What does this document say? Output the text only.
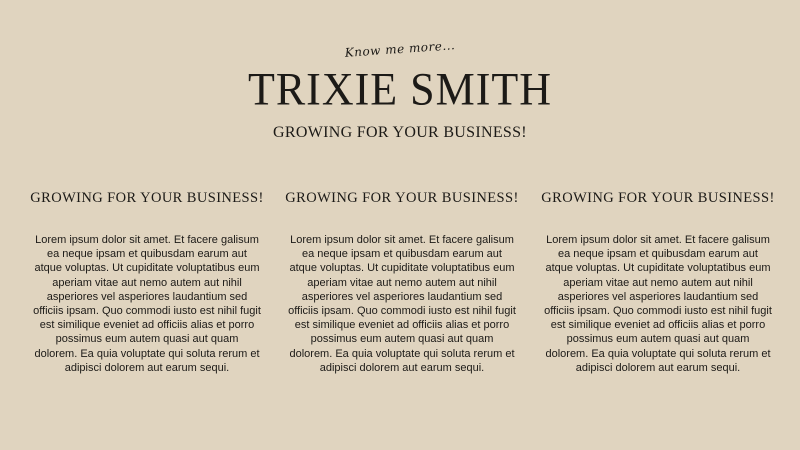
Know me more...
TRIXIE SMITH
GROWING FOR YOUR BUSINESS!
GROWING FOR YOUR BUSINESS!
Lorem ipsum dolor sit amet. Et facere galisum ea neque ipsam et quibusdam earum aut atque voluptas. Ut cupiditate voluptatibus eum aperiam vitae aut nemo autem aut nihil asperiores vel asperiores laudantium sed officiis ipsam. Quo commodi iusto est nihil fugit est similique eveniet ad officiis alias et porro possimus eum autem quasi aut quam dolorem. Ea quia voluptate qui soluta rerum et adipisci dolorem aut earum sequi.
GROWING FOR YOUR BUSINESS!
Lorem ipsum dolor sit amet. Et facere galisum ea neque ipsam et quibusdam earum aut atque voluptas. Ut cupiditate voluptatibus eum aperiam vitae aut nemo autem aut nihil asperiores vel asperiores laudantium sed officiis ipsam. Quo commodi iusto est nihil fugit est similique eveniet ad officiis alias et porro possimus eum autem quasi aut quam dolorem. Ea quia voluptate qui soluta rerum et adipisci dolorem aut earum sequi.
GROWING FOR YOUR BUSINESS!
Lorem ipsum dolor sit amet. Et facere galisum ea neque ipsam et quibusdam earum aut atque voluptas. Ut cupiditate voluptatibus eum aperiam vitae aut nemo autem aut nihil asperiores vel asperiores laudantium sed officiis ipsam. Quo commodi iusto est nihil fugit est similique eveniet ad officiis alias et porro possimus eum autem quasi aut quam dolorem. Ea quia voluptate qui soluta rerum et adipisci dolorem aut earum sequi.
